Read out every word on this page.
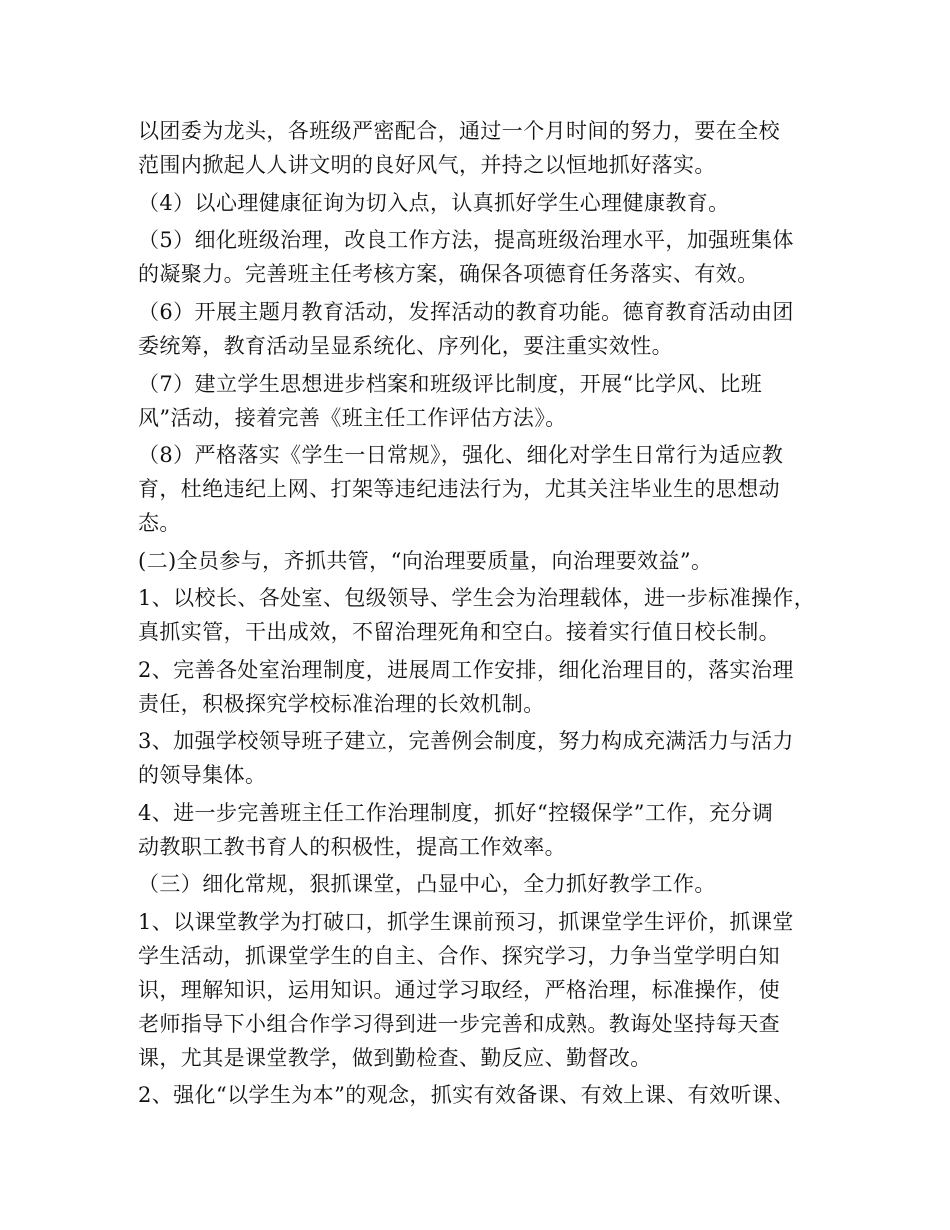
以团委为龙头，各班级严密配合，通过一个月时间的努力，要在全校
范围内掀起人人讲文明的良好风气，并持之以恒地抓好落实。
（4）以心理健康征询为切入点，认真抓好学生心理健康教育。
（5）细化班级治理，改良工作方法，提高班级治理水平，加强班集体
的凝聚力。完善班主任考核方案，确保各项德育任务落实、有效。
（6）开展主题月教育活动，发挥活动的教育功能。德育教育活动由团
委统筹，教育活动呈显系统化、序列化，要注重实效性。
（7）建立学生思想进步档案和班级评比制度，开展“比学风、比班
风”活动，接着完善《班主任工作评估方法》。
（8）严格落实《学生一日常规》，强化、细化对学生日常行为适应教
育，杜绝违纪上网、打架等违纪违法行为，尤其关注毕业生的思想动
态。
(二)全员参与，齐抓共管，“向治理要质量，向治理要效益”。
1、以校长、各处室、包级领导、学生会为治理载体，进一步标准操作，
真抓实管，干出成效，不留治理死角和空白。接着实行值日校长制。
2、完善各处室治理制度，进展周工作安排，细化治理目的，落实治理
责任，积极探究学校标准治理的长效机制。
3、加强学校领导班子建立，完善例会制度，努力构成充满活力与活力
的领导集体。
4、进一步完善班主任工作治理制度，抓好“控辍保学”工作，充分调
动教职工教书育人的积极性，提高工作效率。
（三）细化常规，狠抓课堂，凸显中心，全力抓好教学工作。
1、以课堂教学为打破口，抓学生课前预习，抓课堂学生评价，抓课堂
学生活动，抓课堂学生的自主、合作、探究学习，力争当堂学明白知
识，理解知识，运用知识。通过学习取经，严格治理，标准操作，使
老师指导下小组合作学习得到进一步完善和成熟。教诲处坚持每天查
课，尤其是课堂教学，做到勤检查、勤反应、勤督改。
2、强化“以学生为本”的观念，抓实有效备课、有效上课、有效听课、
